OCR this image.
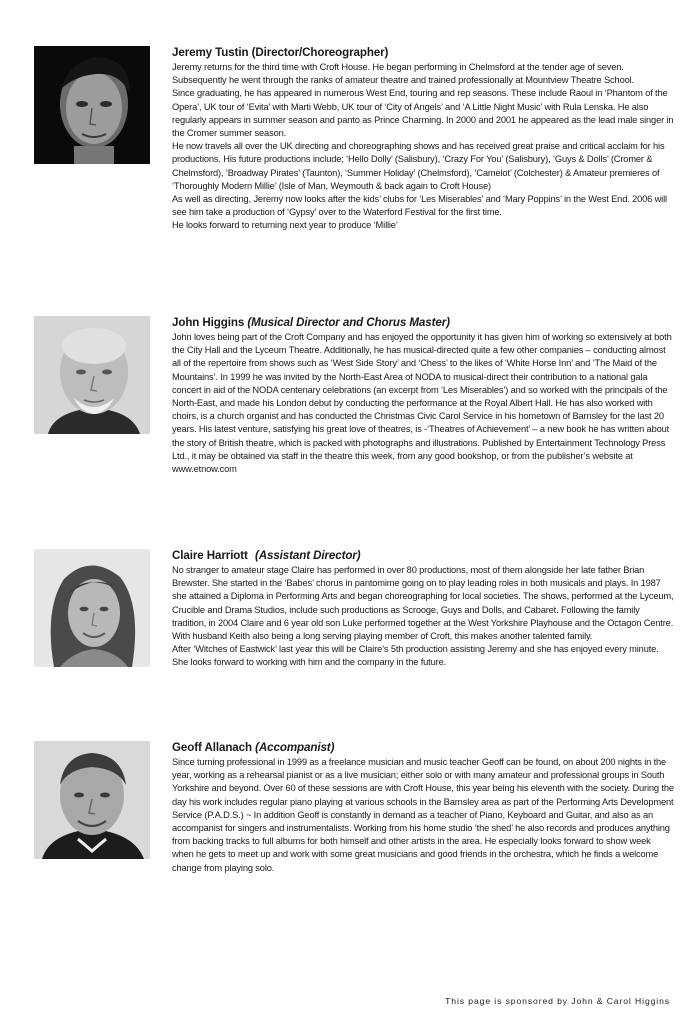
Jeremy Tustin (Director/Choreographer)

Jeremy returns for the third time with Croft House. He began performing in Chelmsford at the tender age of seven. Subsequently he went through the ranks of amateur theatre and trained professionally at Mountview Theatre School.

Since graduating, he has appeared in numerous West End, touring and rep seasons. These include Raoul in ‘Phantom of the Opera’, UK tour of ‘Evita’ with Marti Webb, UK tour of ‘City of Angels’ and ‘A Little Night Music’ with Rula Lenska. He also regularly appears in summer season and panto as Prince Charming. In 2000 and 2001 he appeared as the lead male singer in the Cromer summer season.

He now travels all over the UK directing and choreographing shows and has received great praise and critical acclaim for his productions. His future productions include; ‘Hello Dolly’ (Salisbury), ‘Crazy For You’ (Salisbury), ‘Guys & Dolls’ (Cromer & Chelmsford), ‘Broadway Pirates’ (Taunton), ‘Summer Holiday’ (Chelmsford), ‘Camelot’ (Colchester) & Amateur premieres of ‘Thoroughly Modern Millie’ (Isle of Man, Weymouth & back again to Croft House)

As well as directing, Jeremy now looks after the kids’ clubs for ‘Les Miserables’ and ‘Mary Poppins’ in the West End. 2006 will see him take a production of ‘Gypsy’ over to the Waterford Festival for the first time.

He looks forward to returning next year to produce ‘Millie’

John Higgins (Musical Director and Chorus Master)

John loves being part of the Croft Company and has enjoyed the opportunity it has given him of working so extensively at both the City Hall and the Lyceum Theatre. Additionally, he has musical-directed quite a few other companies – conducting almost all of the repertoire from shows such as ‘West Side Story’ and ‘Chess’ to the likes of ‘White Horse Inn’ and ‘The Maid of the Mountains’. In 1999 he was invited by the North-East Area of NODA to musical-direct their contribution to a national gala concert in aid of the NODA centenary celebrations (an excerpt from ‘Les Miserables’) and so worked with the principals of the North-East, and made his London debut by conducting the performance at the Royal Albert Hall. He has also worked with choirs, is a church organist and has conducted the Christmas Civic Carol Service in his hometown of Barnsley for the last 20 years. His latest venture, satisfying his great love of theatres, is -‘Theatres of Achievement’ – a new book he has written about the story of British theatre, which is packed with photographs and illustrations. Published by Entertainment Technology Press Ltd., it may be obtained via staff in the theatre this week, from any good bookshop, or from the publisher’s website at www.etnow.com

Claire Harriott (Assistant Director)

No stranger to amateur stage Claire has performed in over 80 productions, most of them alongside her late father Brian Brewster. She started in the ‘Babes’ chorus in pantomime going on to play leading roles in both musicals and plays. In 1987 she attained a Diploma in Performing Arts and began choreographing for local societies. The shows, performed at the Lyceum, Crucible and Drama Studios, include such productions as Scrooge, Guys and Dolls, and Cabaret. Following the family tradition, in 2004 Claire and 6 year old son Luke performed together at the West Yorkshire Playhouse and the Octagon Centre. With husband Keith also being a long serving playing member of Croft, this makes another talented family.

After ‘Witches of Eastwick’ last year this will be Claire’s 5th production assisting Jeremy and she has enjoyed every minute. She looks forward to working with him and the company in the future.

Geoff Allanach (Accompanist)

Since turning professional in 1999 as a freelance musician and music teacher Geoff can be found, on about 200 nights in the year, working as a rehearsal pianist or as a live musician; either solo or with many amateur and professional groups in South Yorkshire and beyond. Over 60 of these sessions are with Croft House, this year being his eleventh with the society. During the day his work includes regular piano playing at various schools in the Barnsley area as part of the Performing Arts Development Service (P.A.D.S.) ~ In addition Geoff is constantly in demand as a teacher of Piano, Keyboard and Guitar, and also as an accompanist for singers and instrumentalists. Working from his home studio ‘the shed’ he also records and produces anything from backing tracks to full albums for both himself and other artists in the area. He especially looks forward to show week when he gets to meet up and work with some great musicians and good friends in the orchestra, which he finds a welcome change from playing solo.

This page is sponsored by John & Carol Higgins
